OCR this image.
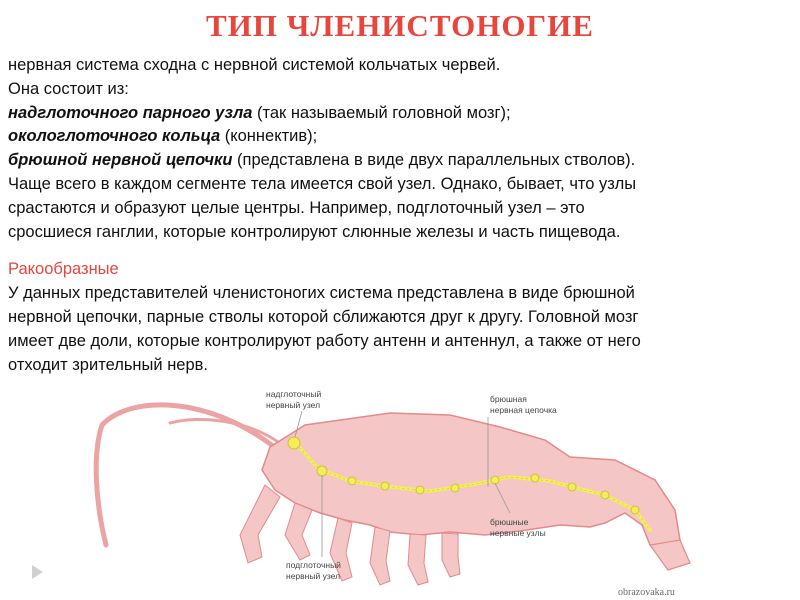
ТИП ЧЛЕНИСТОНОГИЕ
нервная система сходна с нервной системой кольчатых червей.
Она состоит из:
надглоточного парного узла (так называемый головной мозг);
окологлоточного кольца (коннектив);
брюшной нервной цепочки (представлена в виде двух параллельных стволов).
Чаще всего в каждом сегменте тела имеется свой узел. Однако, бывает, что узлы
срастаются и образуют целые центры. Например, подглоточный узел – это
сросшиеся ганглии, которые контролируют слюнные железы и часть пищевода.
Ракообразные
У данных представителей членистоногих система представлена в виде брюшной
нервной цепочки, парные стволы которой сближаются друг к другу. Головной мозг
имеет две доли, которые контролируют работу антенн и антеннул, а также от него
отходит зрительный нерв.
надглоточный
нервный узел
брюшная
нервная цепочка
брюшные
нервные узлы
подглоточный
нервный узел
obrazovaka.ru
